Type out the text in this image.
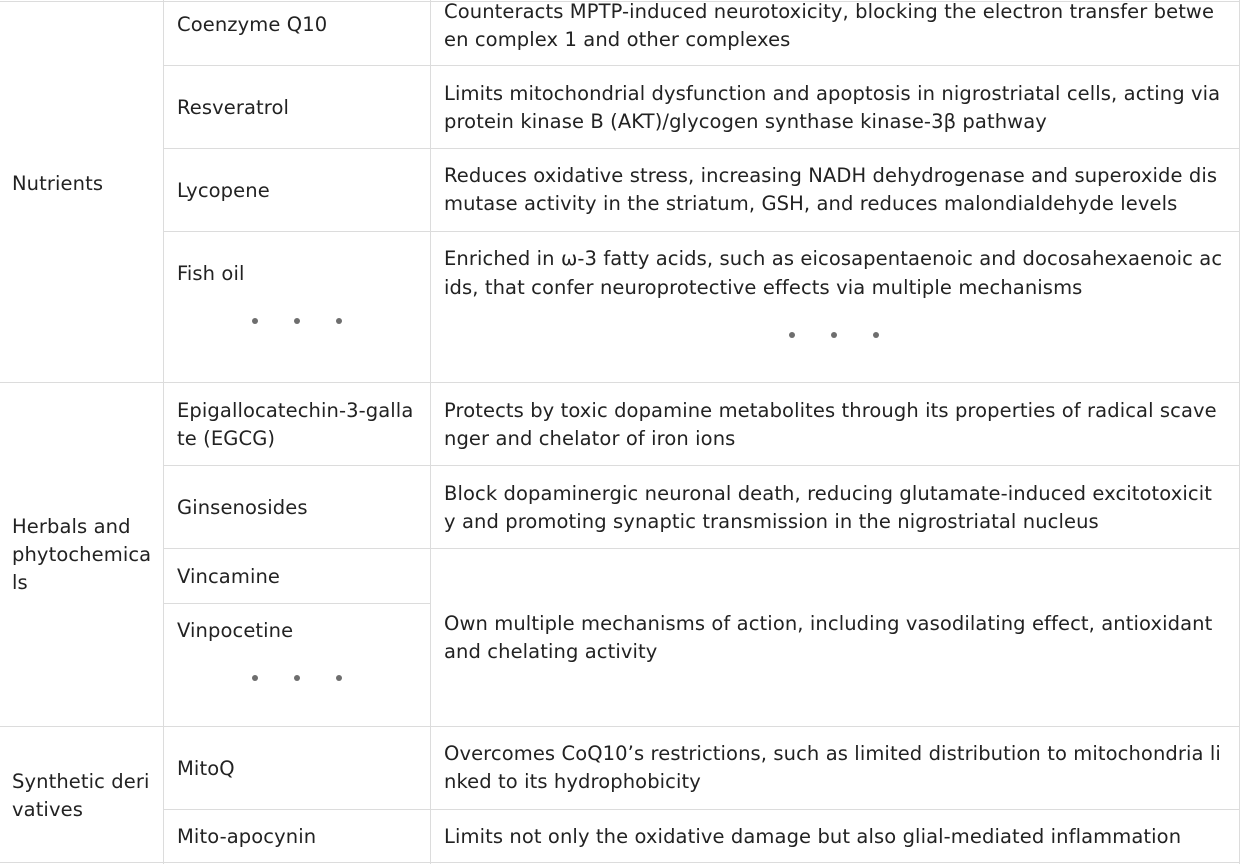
Nutrients
Coenzyme Q10
Counteracts MPTP-induced neurotoxicity, blocking the electron transfer betwe
en complex 1 and other complexes
Resveratrol
Limits mitochondrial dysfunction and apoptosis in nigrostriatal cells, acting via
protein kinase B (AKT)/glycogen synthase kinase-3β pathway
Lycopene
Reduces oxidative stress, increasing NADH dehydrogenase and superoxide dis
mutase activity in the striatum, GSH, and reduces malondialdehyde levels
Fish oil
Enriched in ω-3 fatty acids, such as eicosapentaenoic and docosahexaenoic ac
ids, that confer neuroprotective effects via multiple mechanisms
Herbals and
phytochemica
ls
Epigallocatechin-3-galla
te (EGCG)
Protects by toxic dopamine metabolites through its properties of radical scave
nger and chelator of iron ions
Ginsenosides
Block dopaminergic neuronal death, reducing glutamate-induced excitotoxicit
y and promoting synaptic transmission in the nigrostriatal nucleus
Vincamine
Vinpocetine	Own multiple mechanisms of action, including vasodilating effect, antioxidant
and chelating activity
Synthetic deri
vatives
MitoQ
Overcomes CoQ10’s restrictions, such as limited distribution to mitochondria li
nked to its hydrophobicity
Mito-apocynin	Limits not only the oxidative damage but also glial-mediated inflammation
